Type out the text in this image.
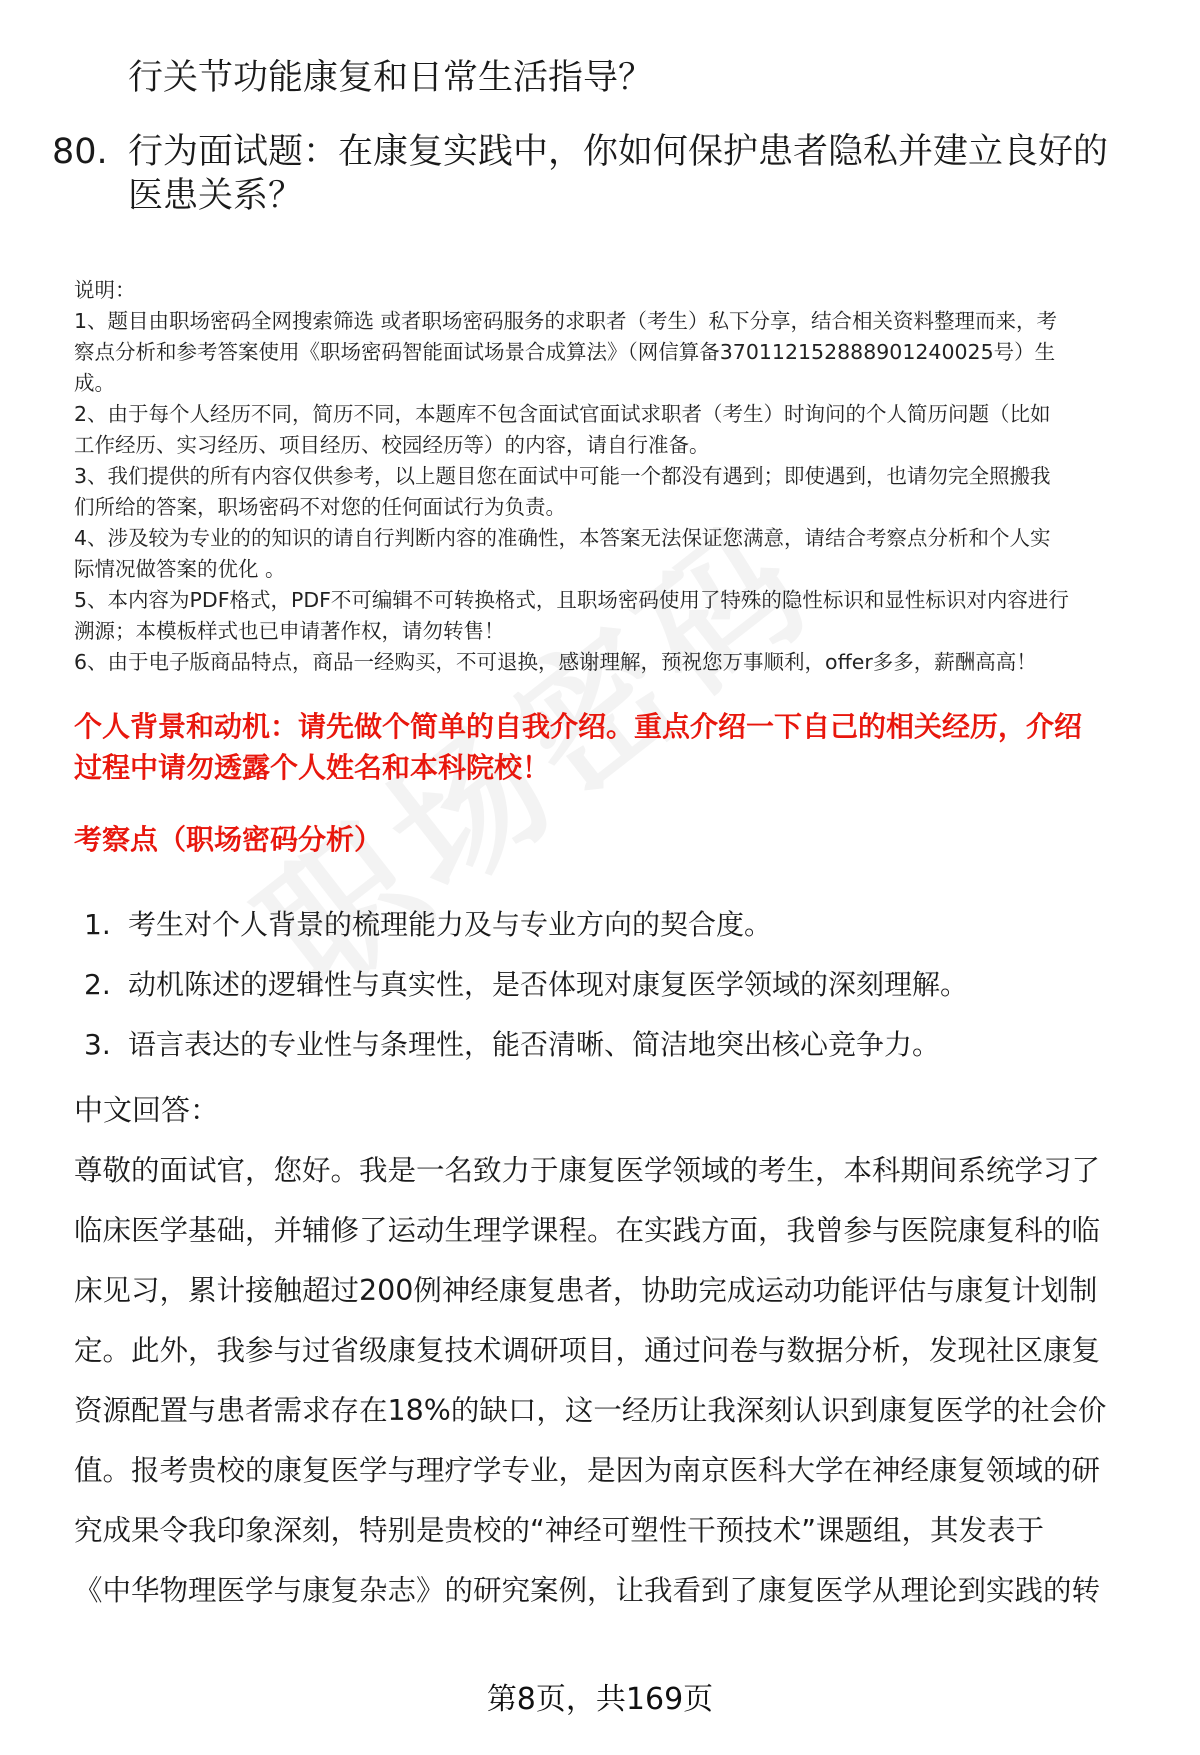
行关节功能康复和日常生活指导？
80. 行为面试题：在康复实践中，你如何保护患者隐私并建立良好的
医患关系？

说明：

1、题目由职场密码全网搜索筛选 或者职场密码服务的求职者（考生）私下分享，结合相关资料整理而来，考

察点分析和参考答案使用《职场密码智能面试场景合成算法》（网信算备370112152888901240025号）生

成。

2、由于每个人经历不同，简历不同，本题库不包含面试官面试求职者（考生）时询问的个人简历问题（比如

工作经历、实习经历、项目经历、校园经历等）的内容，请自行准备。

3、我们提供的所有内容仅供参考，以上题目您在面试中可能一个都没有遇到；即使遇到，也请勿完全照搬我

们所给的答案，职场密码不对您的任何面试行为负责。

4、涉及较为专业的的知识的请自行判断内容的准确性，本答案无法保证您满意，请结合考察点分析和个人实

际情况做答案的优化 。

5、本内容为PDF格式，PDF不可编辑不可转换格式，且职场密码使用了特殊的隐性标识和显性标识对内容进行

溯源；本模板样式也已申请著作权，请勿转售！

6、由于电子版商品特点，商品一经购买，不可退换，感谢理解，预祝您万事顺利，offer多多，薪酬高高！

个人背景和动机：请先做个简单的自我介绍。重点介绍一下自己的相关经历，介绍
过程中请勿透露个人姓名和本科院校！
考察点（职场密码分析）
1. 考生对个人背景的梳理能力及与专业方向的契合度。
2. 动机陈述的逻辑性与真实性，是否体现对康复医学领域的深刻理解。
3. 语言表达的专业性与条理性，能否清晰、简洁地突出核心竞争力。
中文回答：
尊敬的面试官，您好。我是一名致力于康复医学领域的考生，本科期间系统学习了
临床医学基础，并辅修了运动生理学课程。在实践方面，我曾参与医院康复科的临
床见习，累计接触超过200例神经康复患者，协助完成运动功能评估与康复计划制
定。此外，我参与过省级康复技术调研项目，通过问卷与数据分析，发现社区康复
资源配置与患者需求存在18%的缺口，这一经历让我深刻认识到康复医学的社会价
值。报考贵校的康复医学与理疗学专业，是因为南京医科大学在神经康复领域的研
究成果令我印象深刻，特别是贵校的“神经可塑性干预技术”课题组，其发表于
《中华物理医学与康复杂志》的研究案例，让我看到了康复医学从理论到实践的转
第8页，共169页
